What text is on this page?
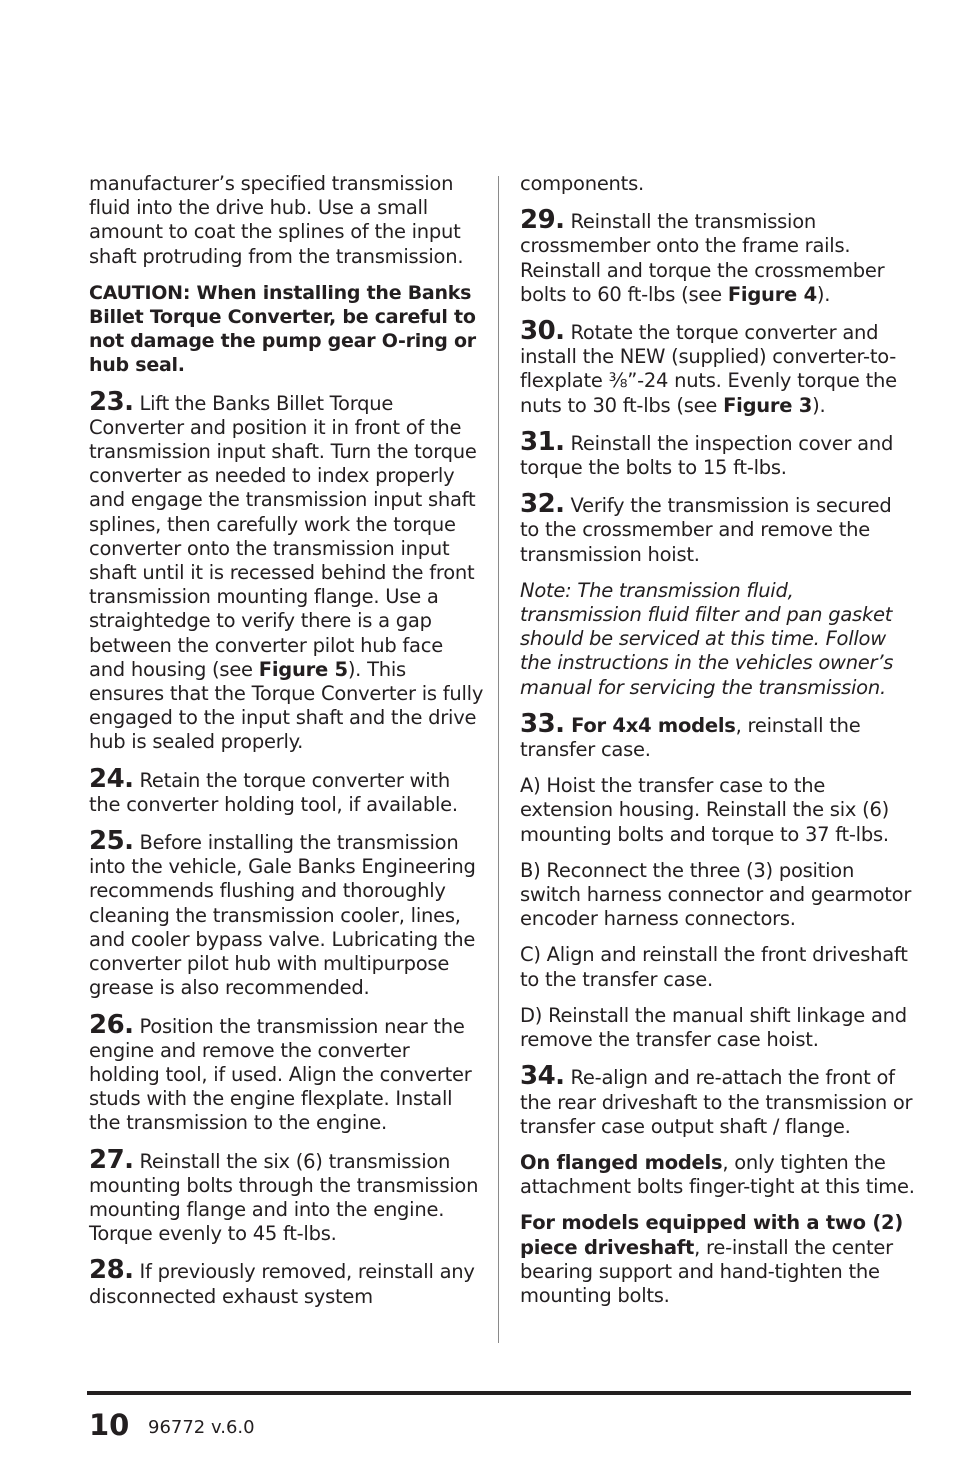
manufacturer’s specified transmission fluid into the drive hub. Use a small amount to coat the splines of the input shaft protruding from the transmission.

CAUTION: When installing the Banks Billet Torque Converter, be careful to not damage the pump gear O-ring or hub seal.

23. Lift the Banks Billet Torque Converter and position it in front of the transmission input shaft. Turn the torque converter as needed to index properly and engage the transmission input shaft splines, then carefully work the torque converter onto the transmission input shaft until it is recessed behind the front transmission mounting flange. Use a straightedge to verify there is a gap between the converter pilot hub face and housing (see Figure 5). This ensures that the Torque Converter is fully engaged to the input shaft and the drive hub is sealed properly.

24. Retain the torque converter with the converter holding tool, if available.

25. Before installing the transmission into the vehicle, Gale Banks Engineering recommends flushing and thoroughly cleaning the transmission cooler, lines, and cooler bypass valve. Lubricating the converter pilot hub with multipurpose grease is also recommended.

26. Position the transmission near the engine and remove the converter holding tool, if used. Align the converter studs with the engine flexplate. Install the transmission to the engine.

27. Reinstall the six (6) transmission mounting bolts through the transmission mounting flange and into the engine. Torque evenly to 45 ft-lbs.

28. If previously removed, reinstall any disconnected exhaust system

components.

29. Reinstall the transmission crossmember onto the frame rails. Reinstall and torque the crossmember bolts to 60 ft-lbs (see Figure 4).

30. Rotate the torque converter and install the NEW (supplied) converter-to-flexplate ⅜”-24 nuts. Evenly torque the nuts to 30 ft-lbs (see Figure 3).

31. Reinstall the inspection cover and torque the bolts to 15 ft-lbs.

32. Verify the transmission is secured to the crossmember and remove the transmission hoist.

Note: The transmission fluid, transmission fluid filter and pan gasket should be serviced at this time. Follow the instructions in the vehicles owner’s manual for servicing the transmission.

33. For 4x4 models, reinstall the transfer case.

A) Hoist the transfer case to the extension housing. Reinstall the six (6) mounting bolts and torque to 37 ft-lbs.

B) Reconnect the three (3) position switch harness connector and gearmotor encoder harness connectors.

C) Align and reinstall the front driveshaft to the transfer case.

D) Reinstall the manual shift linkage and remove the transfer case hoist.

34. Re-align and re-attach the front of the rear driveshaft to the transmission or transfer case output shaft / flange.

On flanged models, only tighten the attachment bolts finger-tight at this time.

For models equipped with a two (2) piece driveshaft, re-install the center bearing support and hand-tighten the mounting bolts.

10 96772 v.6.0
